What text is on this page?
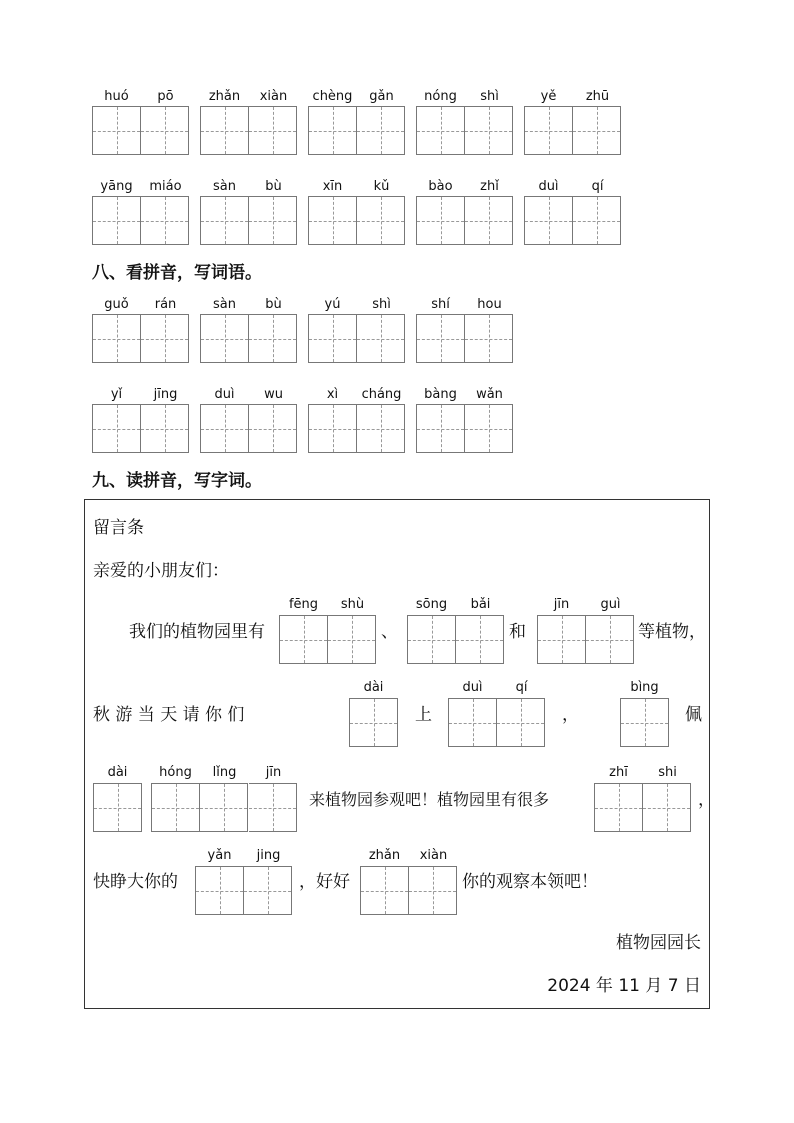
huó	pō	zhǎn	xiàn	chèng	gǎn	nóng	shì	yě	zhū
yāng	miáo	sàn	bù	xīn	kǔ	bào	zhǐ	duì	qí
八、看拼音，写词语。
guǒ	rán	sàn	bù	yú	shì	shí	hou
yǐ	jīng	duì	wu	xì	cháng	bàng	wǎn
九、读拼音，写字词。
留言条
亲爱的小朋友们：
我们的植物园里有
fēng	shù
、
sōng	bǎi
和
jīn	guì
等植物，
秋 游 当 天 请 你 们
dài
上
duì	qí
，
bìng
佩
dài	hóng	lǐng	jīn
来植物园参观吧！植物园里有很多
zhī	shi
，
快睁大你的
yǎn	jing
，好好
zhǎn	xiàn
你的观察本领吧！
植物园园长
2024 年 11 月 7 日
